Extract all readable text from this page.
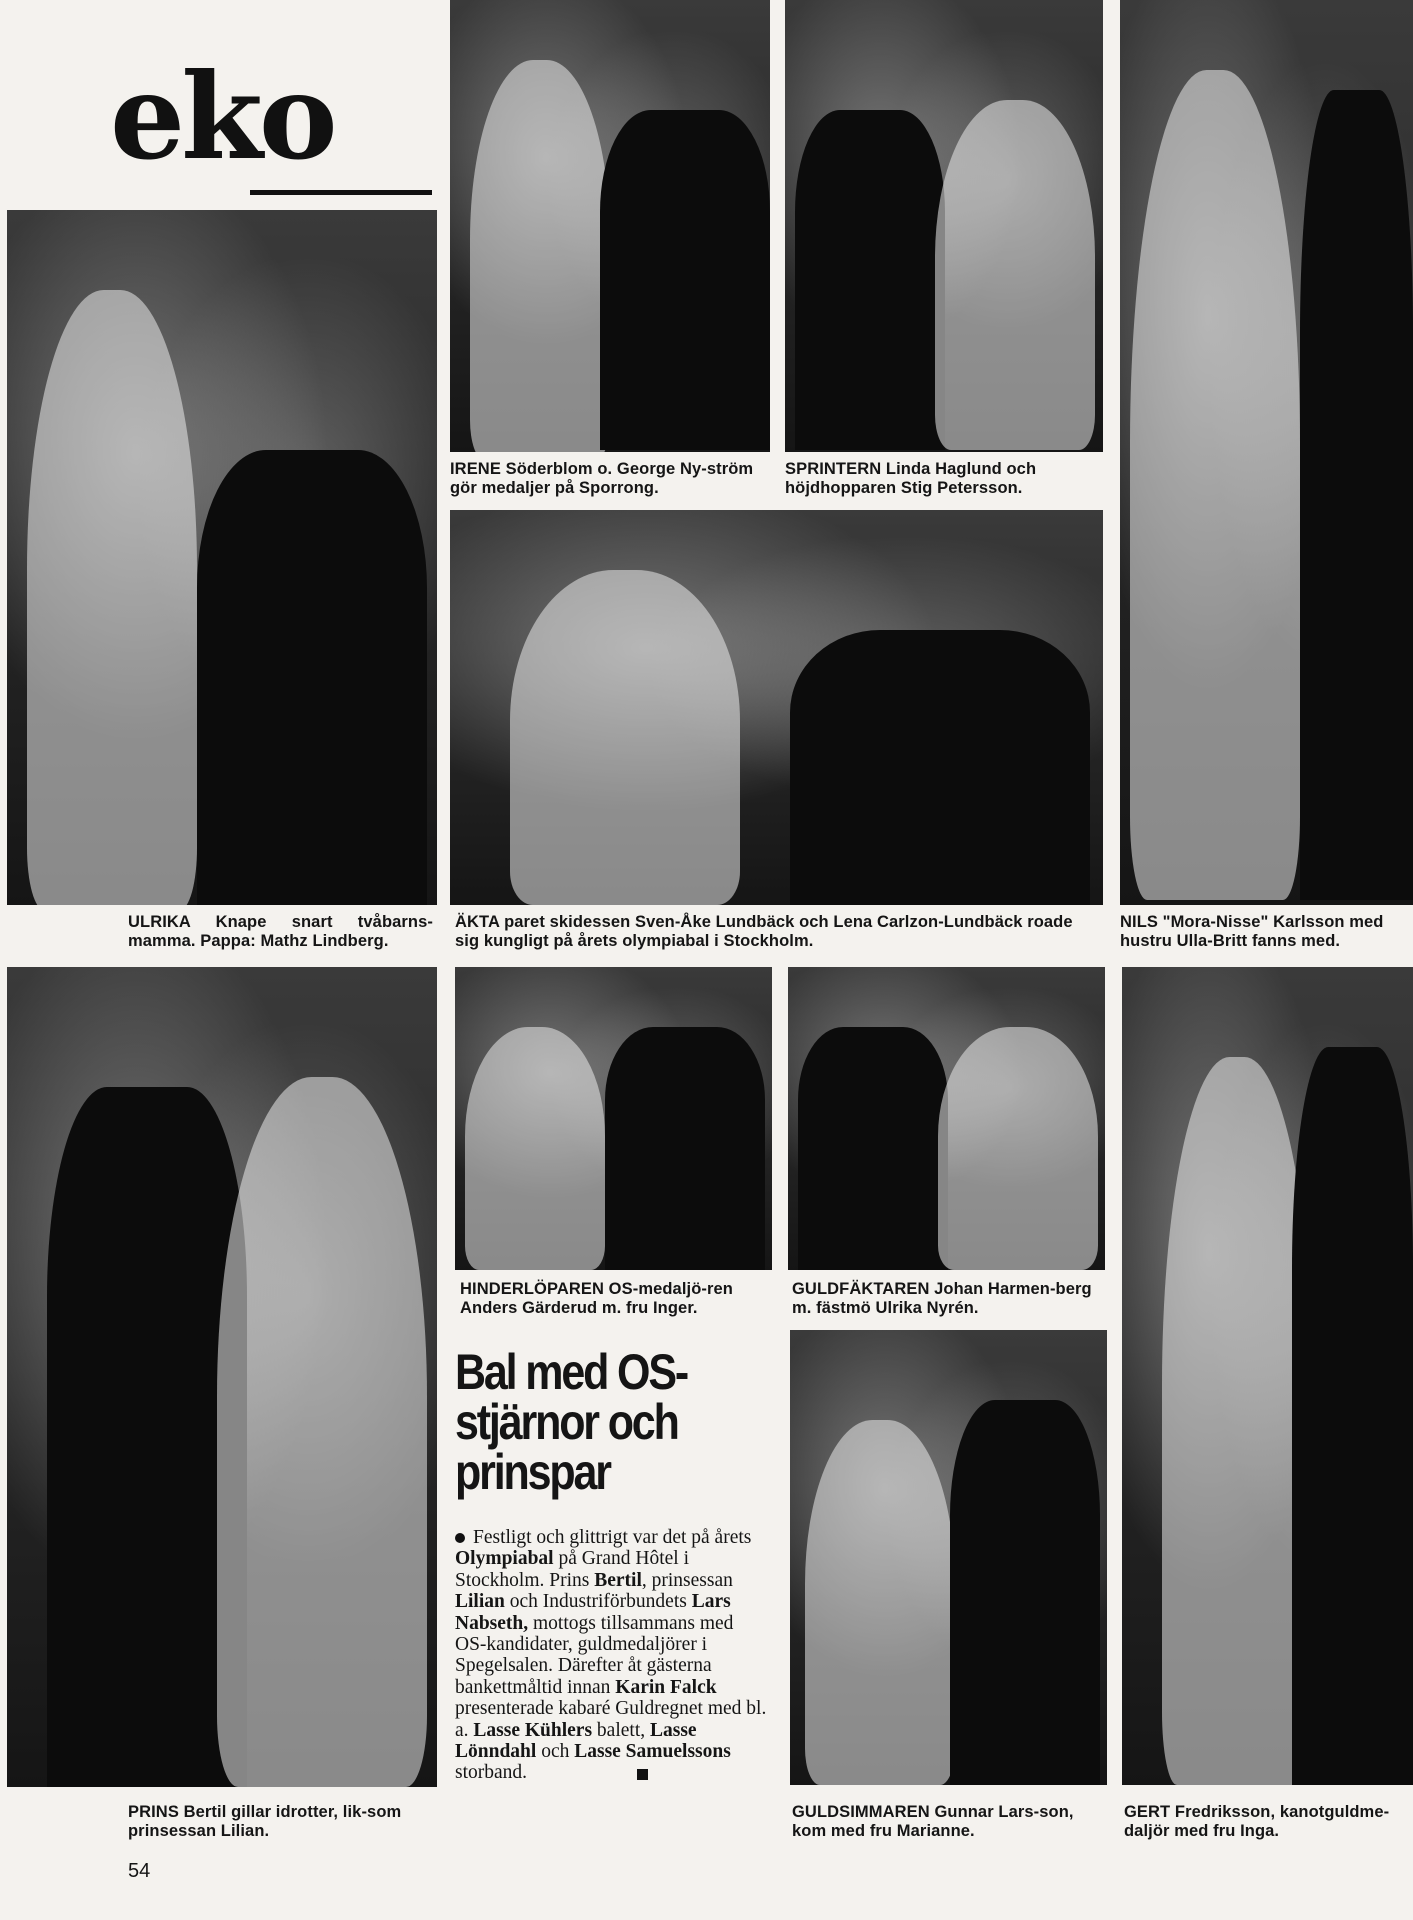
eko
IRENE Söderblom o. George Ny-ström gör medaljer på Sporrong.
SPRINTERN Linda Haglund och höjdhopparen Stig Petersson.
ULRIKA Knape snart tvåbarns-mamma. Pappa: Mathz Lindberg.
ÄKTA paret skidessen Sven-Åke Lundbäck och Lena Carlzon-Lundbäck roade sig kungligt på årets olympiabal i Stockholm.
NILS "Mora-Nisse" Karlsson med hustru Ulla-Britt fanns med.
HINDERLÖPAREN OS-medaljö-ren Anders Gärderud m. fru Inger.
GULDFÄKTAREN Johan Harmen-berg m. fästmö Ulrika Nyrén.
PRINS Bertil gillar idrotter, lik-som prinsessan Lilian.
GULDSIMMAREN Gunnar Lars-son, kom med fru Marianne.
GERT Fredriksson, kanotguldme-daljör med fru Inga.
Bal med OS-stjärnor och prinspar
Festligt och glittrigt var det på årets Olympiabal på Grand Hôtel i Stockholm. Prins Bertil, prinsessan Lilian och Industriförbundets Lars Nabseth, mottogs tillsammans med OS-kandidater, guldmedaljörer i Spegelsalen. Därefter åt gästerna bankettmåltid innan Karin Falck presenterade kabaré Guldregnet med bl. a. Lasse Kühlers balett, Lasse Lönndahl och Lasse Samuelssons storband.
54
